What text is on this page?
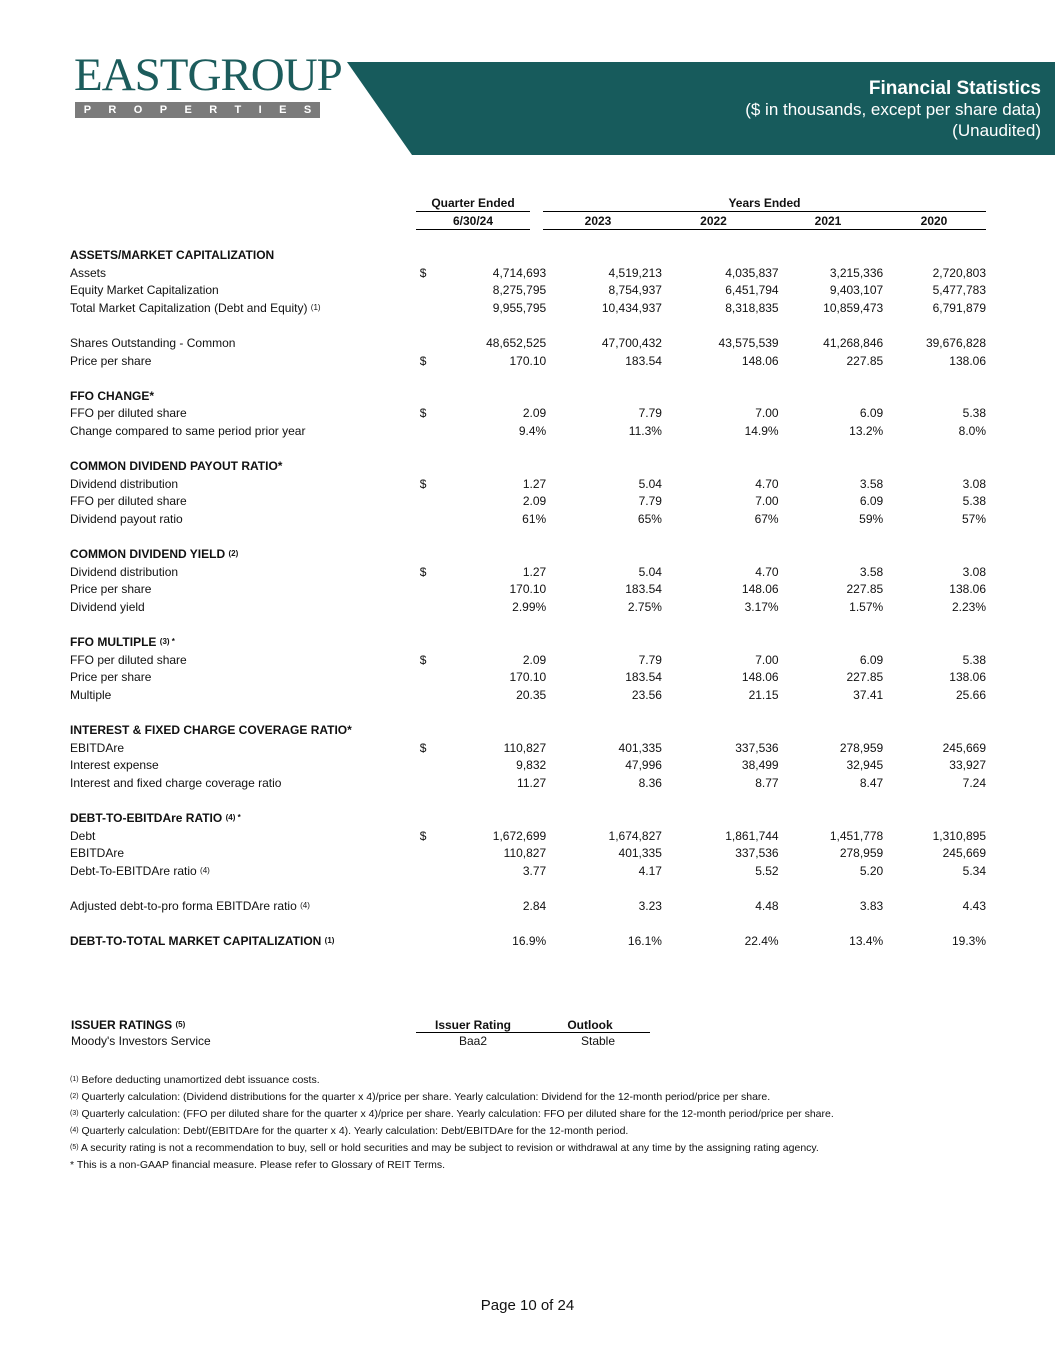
EASTGROUP
P R O P E R T I E S
Financial Statistics
($ in thousands, except per share data)
(Unaudited)
Quarter Ended	Years Ended
6/30/24	2023	2022	2021	2020
ASSETS/MARKET CAPITALIZATION						
Assets	$	4,714,693	4,519,213	4,035,837	3,215,336	2,720,803
Equity Market Capitalization		8,275,795	8,754,937	6,451,794	9,403,107	5,477,783
Total Market Capitalization (Debt and Equity) $^{(1)}$		9,955,795	10,434,937	8,318,835	10,859,473	6,791,879

Shares Outstanding - Common		48,652,525	47,700,432	43,575,539	41,268,846	39,676,828
Price per share	$	170.10	183.54	148.06	227.85	138.06

FFO CHANGE*						
FFO per diluted share	$	2.09	7.79	7.00	6.09	5.38
Change compared to same period prior year		9.4%	11.3%	14.9%	13.2%	8.0%

COMMON DIVIDEND PAYOUT RATIO*						
Dividend distribution	$	1.27	5.04	4.70	3.58	3.08
FFO per diluted share		2.09	7.79	7.00	6.09	5.38
Dividend payout ratio		61%	65%	67%	59%	57%

COMMON DIVIDEND YIELD $^{(2)}$						
Dividend distribution	$	1.27	5.04	4.70	3.58	3.08
Price per share		170.10	183.54	148.06	227.85	138.06
Dividend yield		2.99%	2.75%	3.17%	1.57%	2.23%

FFO MULTIPLE $^{(3) *}$						
FFO per diluted share	$	2.09	7.79	7.00	6.09	5.38
Price per share		170.10	183.54	148.06	227.85	138.06
Multiple		20.35	23.56	21.15	37.41	25.66

INTEREST & FIXED CHARGE COVERAGE RATIO*						
EBITDAre	$	110,827	401,335	337,536	278,959	245,669
Interest expense		9,832	47,996	38,499	32,945	33,927
Interest and fixed charge coverage ratio		11.27	8.36	8.77	8.47	7.24

DEBT-TO-EBITDAre RATIO $^{(4) *}$						
Debt	$	1,672,699	1,674,827	1,861,744	1,451,778	1,310,895
EBITDAre		110,827	401,335	337,536	278,959	245,669
Debt-To-EBITDAre ratio $^{(4)}$		3.77	4.17	5.52	5.20	5.34

Adjusted debt-to-pro forma EBITDAre ratio $^{(4)}$		2.84	3.23	4.48	3.83	4.43

DEBT-TO-TOTAL MARKET CAPITALIZATION $^{(1)}$		16.9%	16.1%	22.4%	13.4%	19.3%
ISSUER RATINGS $^{(5)}$	Issuer Rating	Outlook
Moody's Investors Service	Baa2	Stable
$^{(1)}$ Before deducting unamortized debt issuance costs.
$^{(2)}$ Quarterly calculation: (Dividend distributions for the quarter x 4)/price per share. Yearly calculation: Dividend for the 12-month period/price per share.
$^{(3)}$ Quarterly calculation: (FFO per diluted share for the quarter x 4)/price per share. Yearly calculation: FFO per diluted share for the 12-month period/price per share.
$^{(4)}$ Quarterly calculation: Debt/(EBITDAre for the quarter x 4). Yearly calculation: Debt/EBITDAre for the 12-month period.
$^{(5)}$ A security rating is not a recommendation to buy, sell or hold securities and may be subject to revision or withdrawal at any time by the assigning rating agency.
* This is a non-GAAP financial measure. Please refer to Glossary of REIT Terms.
Page 10 of 24
